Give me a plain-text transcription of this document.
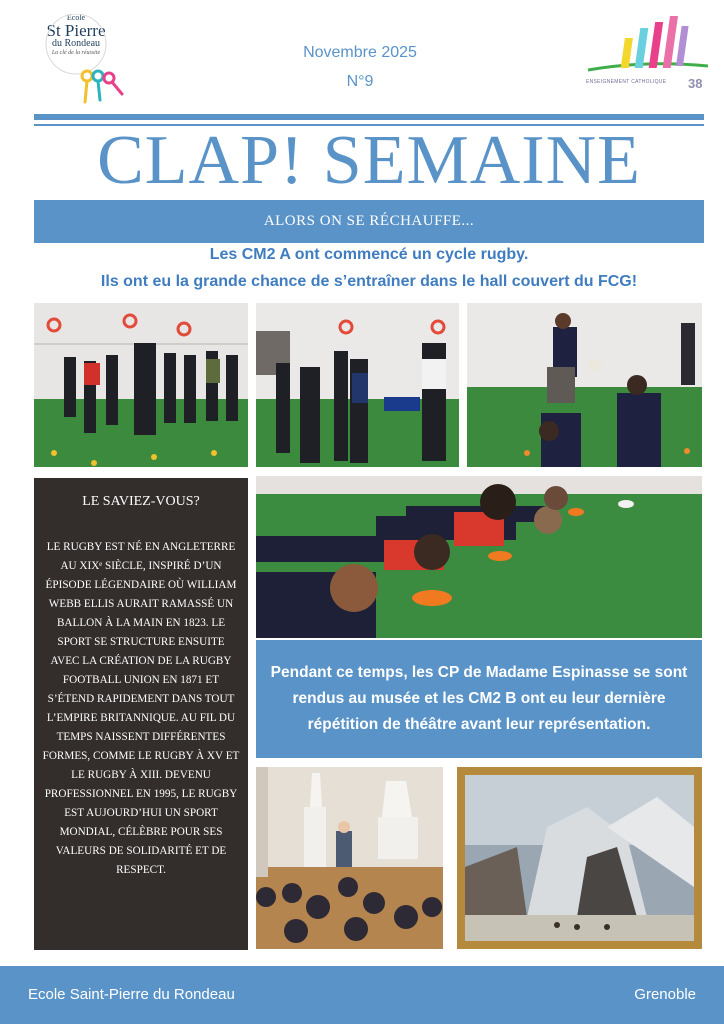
Ecole
St Pierre
du Rondeau
La clé de la réussite	Novembre 2025
N°9	ENSEIGNEMENT CATHOLIQUE 38
CLAP! SEMAINE
ALORS ON SE RÉCHAUFFE...
Les CM2 A ont commencé un cycle rugby.
Ils ont eu la grande chance de s’entraîner dans le hall couvert du FCG!
LE SAVIEZ-VOUS?
LE RUGBY EST NÉ EN ANGLETERRE AU XIXᵉ SIÈCLE, INSPIRÉ D’UN ÉPISODE LÉGENDAIRE OÙ WILLIAM WEBB ELLIS AURAIT RAMASSÉ UN BALLON À LA MAIN EN 1823. LE SPORT SE STRUCTURE ENSUITE AVEC LA CRÉATION DE LA RUGBY FOOTBALL UNION EN 1871 ET S’ÉTEND RAPIDEMENT DANS TOUT L’EMPIRE BRITANNIQUE. AU FIL DU TEMPS NAISSENT DIFFÉRENTES FORMES, COMME LE RUGBY À XV ET LE RUGBY À XIII. DEVENU PROFESSIONNEL EN 1995, LE RUGBY EST AUJOURD’HUI UN SPORT MONDIAL, CÉLÈBRE POUR SES VALEURS DE SOLIDARITÉ ET DE RESPECT.
Pendant ce temps, les CP de Madame Espinasse se sont rendus au musée et les CM2 B ont eu leur dernière répétition de théâtre avant leur représentation.
Ecole Saint-Pierre du Rondeau	Grenoble
